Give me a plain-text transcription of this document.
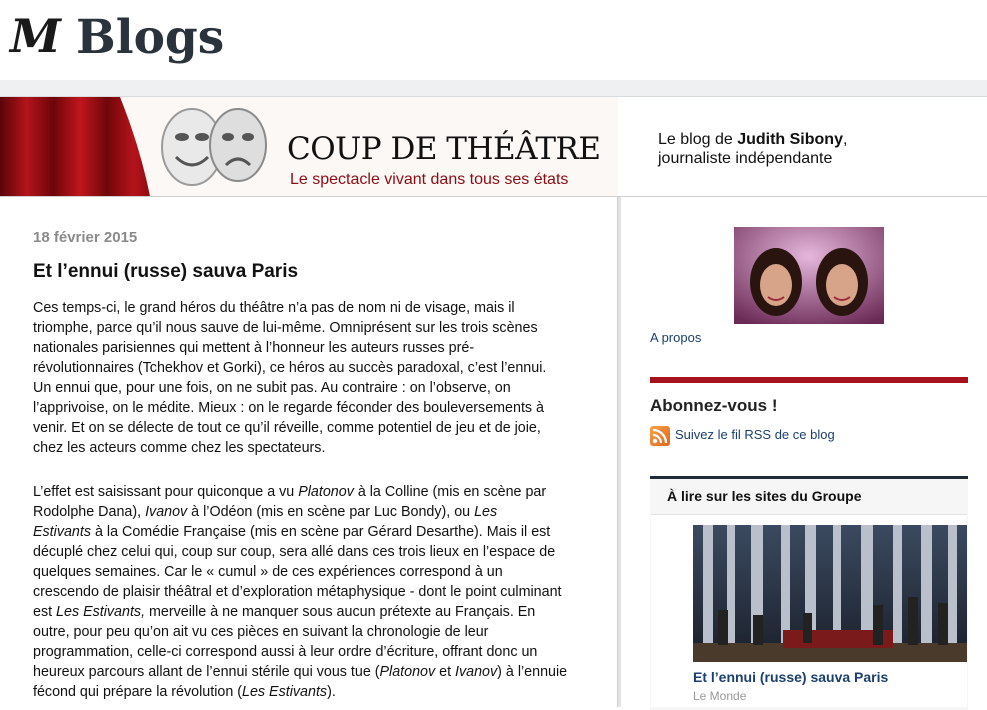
M Blogs
COUP DE THÉÂTRE
Le spectacle vivant dans tous ses états
Le blog de Judith Sibony,
journaliste indépendante
18 février 2015
Et l’ennui (russe) sauva Paris

Ces temps-ci, le grand héros du théâtre n’a pas de nom ni de visage, mais il
triomphe, parce qu’il nous sauve de lui-même. Omniprésent sur les trois scènes
nationales parisiennes qui mettent à l’honneur les auteurs russes pré-
révolutionnaires (Tchekhov et Gorki), ce héros au succès paradoxal, c’est l’ennui.
Un ennui que, pour une fois, on ne subit pas. Au contraire : on l’observe, on
l’apprivoise, on le médite. Mieux : on le regarde féconder des bouleversements à
venir. Et on se délecte de tout ce qu’il réveille, comme potentiel de jeu et de joie,
chez les acteurs comme chez les spectateurs.

L’effet est saisissant pour quiconque a vu Platonov à la Colline (mis en scène par
Rodolphe Dana), Ivanov à l’Odéon (mis en scène par Luc Bondy), ou Les
Estivants à la Comédie Française (mis en scène par Gérard Desarthe). Mais il est
décuplé chez celui qui, coup sur coup, sera allé dans ces trois lieux en l’espace de
quelques semaines. Car le « cumul » de ces expériences correspond à un
crescendo de plaisir théâtral et d’exploration métaphysique - dont le point culminant
est Les Estivants, merveille à ne manquer sous aucun prétexte au Français. En
outre, pour peu qu’on ait vu ces pièces en suivant la chronologie de leur
programmation, celle-ci correspond aussi à leur ordre d’écriture, offrant donc un
heureux parcours allant de l’ennui stérile qui vous tue (Platonov et Ivanov) à l’ennuie
fécond qui prépare la révolution (Les Estivants).

A propos
Abonnez-vous !
Suivez le fil RSS de ce blog
À lire sur les sites du Groupe
Et l’ennui (russe) sauva Paris
Le Monde
